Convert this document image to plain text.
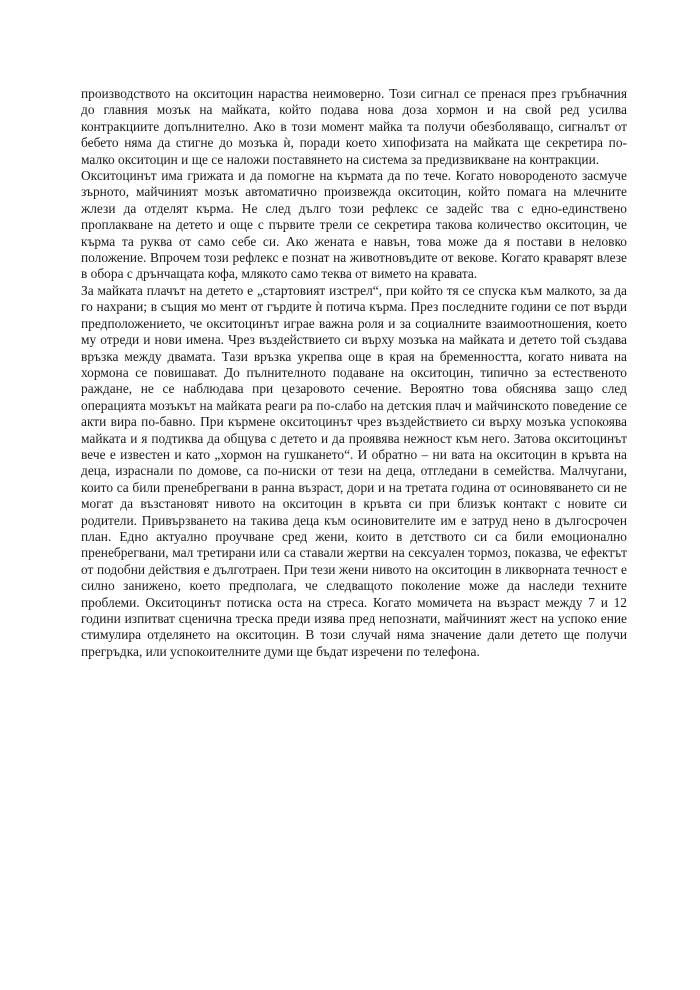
производството на окситоцин нараства неимоверно. Този сигнал се пренася през гръбначния до главния мозък на майката, който подава нова доза хормон и на свой ред усилва контракциите допълнително. Ако в този момент майка та получи обезболяващо, сигналът от бебето няма да стигне до мозъка ѝ, поради което хипофизата на майката ще секретира по-малко окситоцин и ще се наложи поставянето на система за предизвикване на контракции.

Окситоцинът има грижата и да помогне на кърмата да по тече. Когато новороденото засмуче зърното, майчиният мозък автоматично произвежда окситоцин, който помага на млечните жлези да отделят кърма. Не след дълго този рефлекс се задейс тва с едно-единствено проплакване на детето и още с първите трели се секретира такова количество окситоцин, че кърма та руква от само себе си. Ако жената е навън, това може да я постави в неловко положение. Впрочем този рефлекс е познат на животновъдите от векове. Когато краварят влезе в обора с дрънчащата кофа, млякото само теква от вимето на кравата.

За майката плачът на детето е „стартовият изстрел“, при който тя се спуска към малкото, за да го нахрани; в същия мо мент от гърдите ѝ потича кърма. През последните години се пот върди предположението, че окситоцинът играе важна роля и за социалните взаимоотношения, което му отреди и нови имена. Чрез въздействието си върху мозъка на майката и детето той създава връзка между двамата. Тази връзка укрепва още в края на бременността, когато нивата на хормона се повишават. До пълнителното подаване на окситоцин, типично за естественото раждане, не се наблюдава при цезаровото сечение. Вероятно това обяснява защо след операцията мозъкът на майката реаги ра по-слабо на детския плач и майчинското поведение се акти вира по-бавно. При кърмене окситоцинът чрез въздействието си върху мозъка успокоява майката и я подтиква да общува с детето и да проявява нежност към него. Затова окситоцинът вече е известен и като „хормон на гушкането“. И обратно – ни вата на окситоцин в кръвта на деца, израснали по домове, са по-ниски от тези на деца, отгледани в семейства. Малчугани, които са били пренебрегвани в ранна възраст, дори и на третата година от осиновяването си не могат да възстановят нивото на окситоцин в кръвта си при близък контакт с новите си родители. Привързването на такива деца към осиновителите им е затруд нено в дългосрочен план. Едно актуално проучване сред жени, които в детството си са били емоционално пренебрегвани, мал третирани или са ставали жертви на сексуален тормоз, показва, че ефектът от подобни действия е дълготраен. При тези жени нивото на окситоцин в ликворната течност е силно занижено, което предполага, че следващото поколение може да наследи техните проблеми. Окситоцинът потиска оста на стреса. Когато момичета на възраст между 7 и 12 години изпитват сценична треска преди изява пред непознати, майчиният жест на успоко ение стимулира отделянето на окситоцин. В този случай няма значение дали детето ще получи прегръдка, или успокоителните думи ще бъдат изречени по телефона.
